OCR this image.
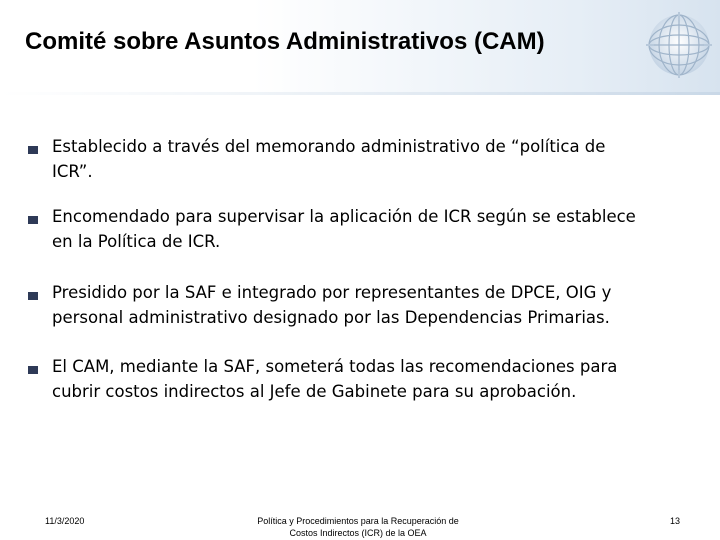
Comité sobre Asuntos Administrativos (CAM)
Establecido a través del memorando administrativo de “política de
ICR”.
Encomendado para supervisar la aplicación de ICR según se establece
en la Política de ICR.
Presidido por la SAF e integrado por representantes de DPCE, OIG y
personal administrativo designado por las Dependencias Primarias.
El CAM, mediante la SAF, someterá todas las recomendaciones para
cubrir costos indirectos al Jefe de Gabinete para su aprobación.
11/3/2020	Política y Procedimientos para la Recuperación de
Costos Indirectos (ICR) de la OEA
13
